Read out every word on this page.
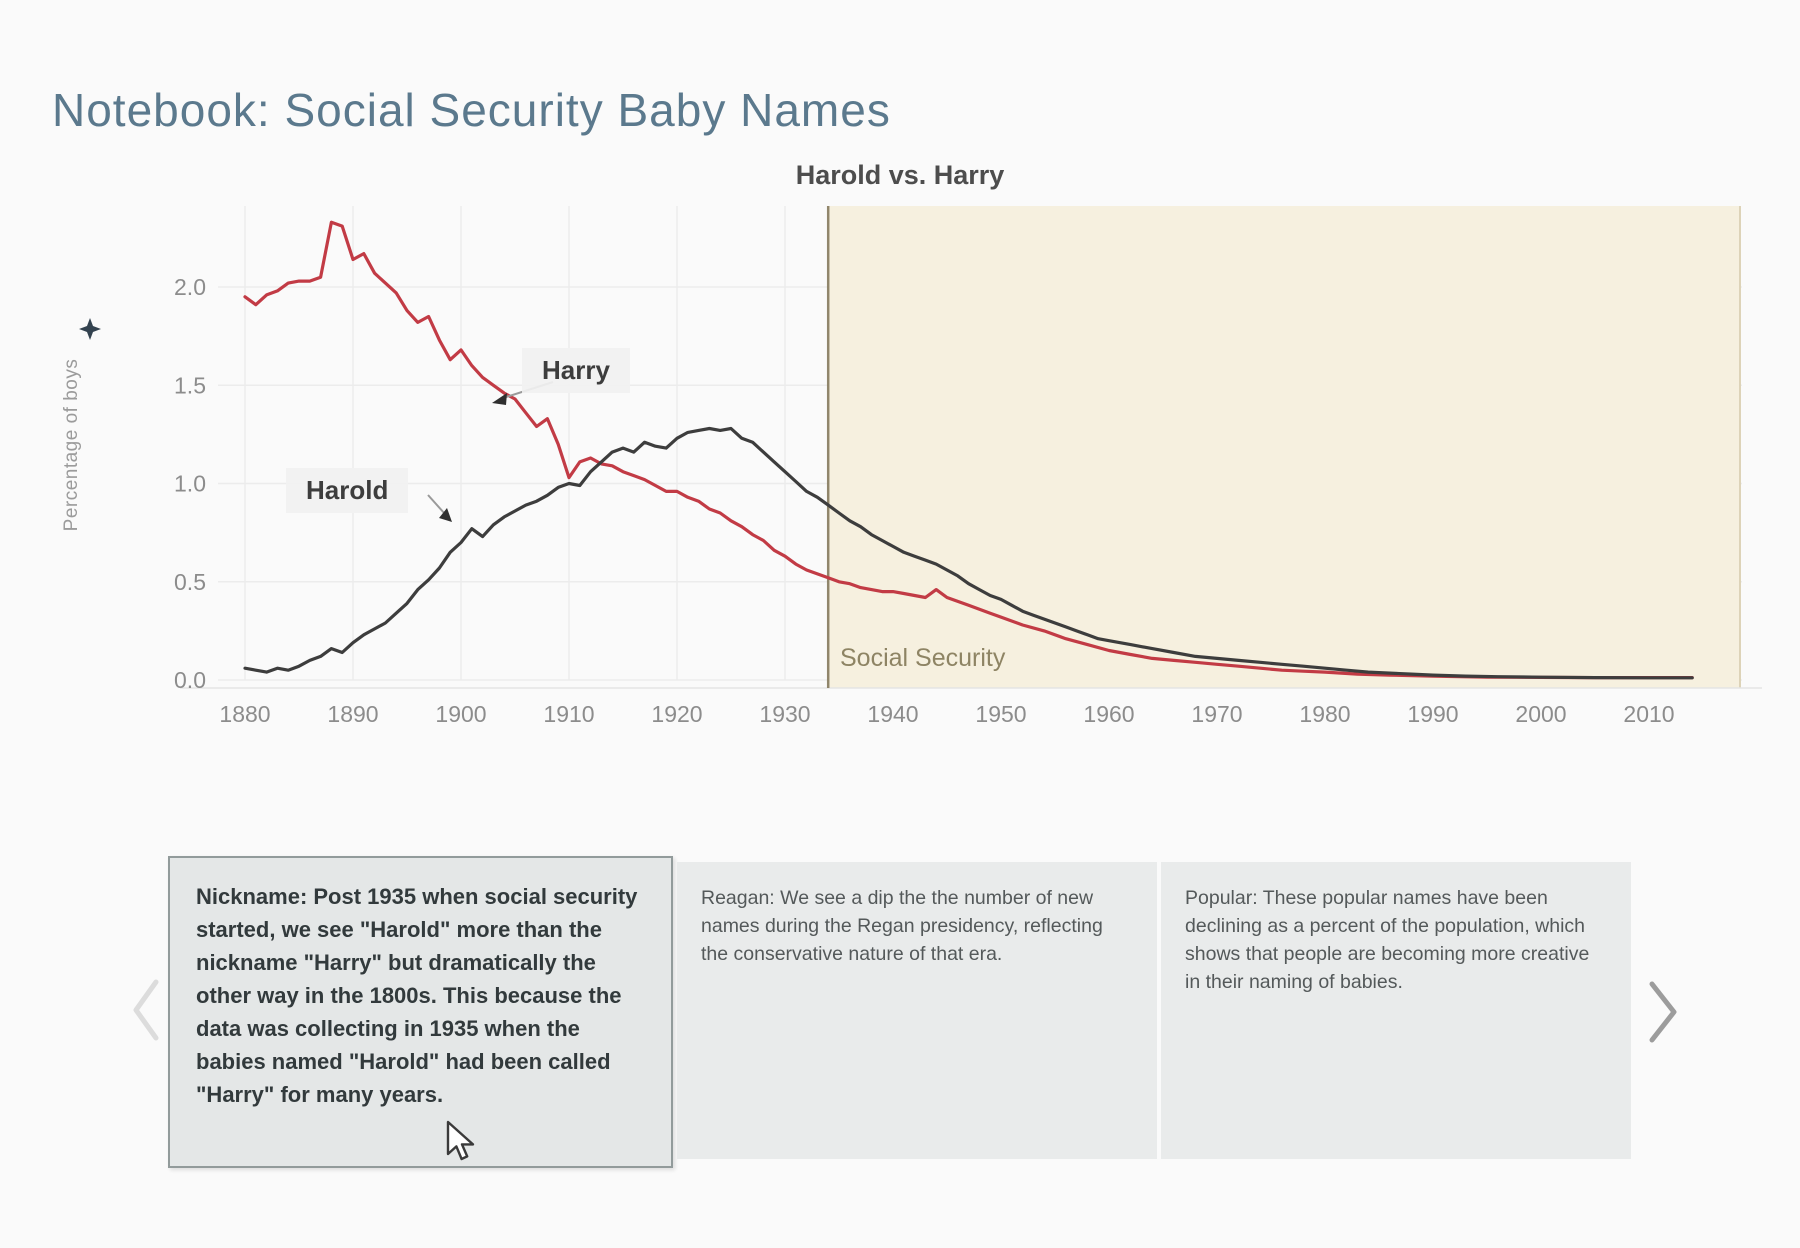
Notebook: Social Security Baby Names
1880 1890 1900 1910 1920 1930 1940 1950 1960 1970 1980 1990 2000 2010
0.0
0.5
1.0
1.5
2.0
Harold vs. Harry
Percentage of boys
Social Security
Harry
Harold
Nickname: Post 1935 when social security started, we see "Harold" more than the nickname "Harry" but dramatically the other way in the 1800s. This because the data was collecting in 1935 when the babies named "Harold" had been called "Harry" for many years.
Reagan: We see a dip the the number of new names during the Regan presidency, reflecting the conservative nature of that era.
Popular: These popular names have been declining as a percent of the population, which shows that people are becoming more creative in their naming of babies.
